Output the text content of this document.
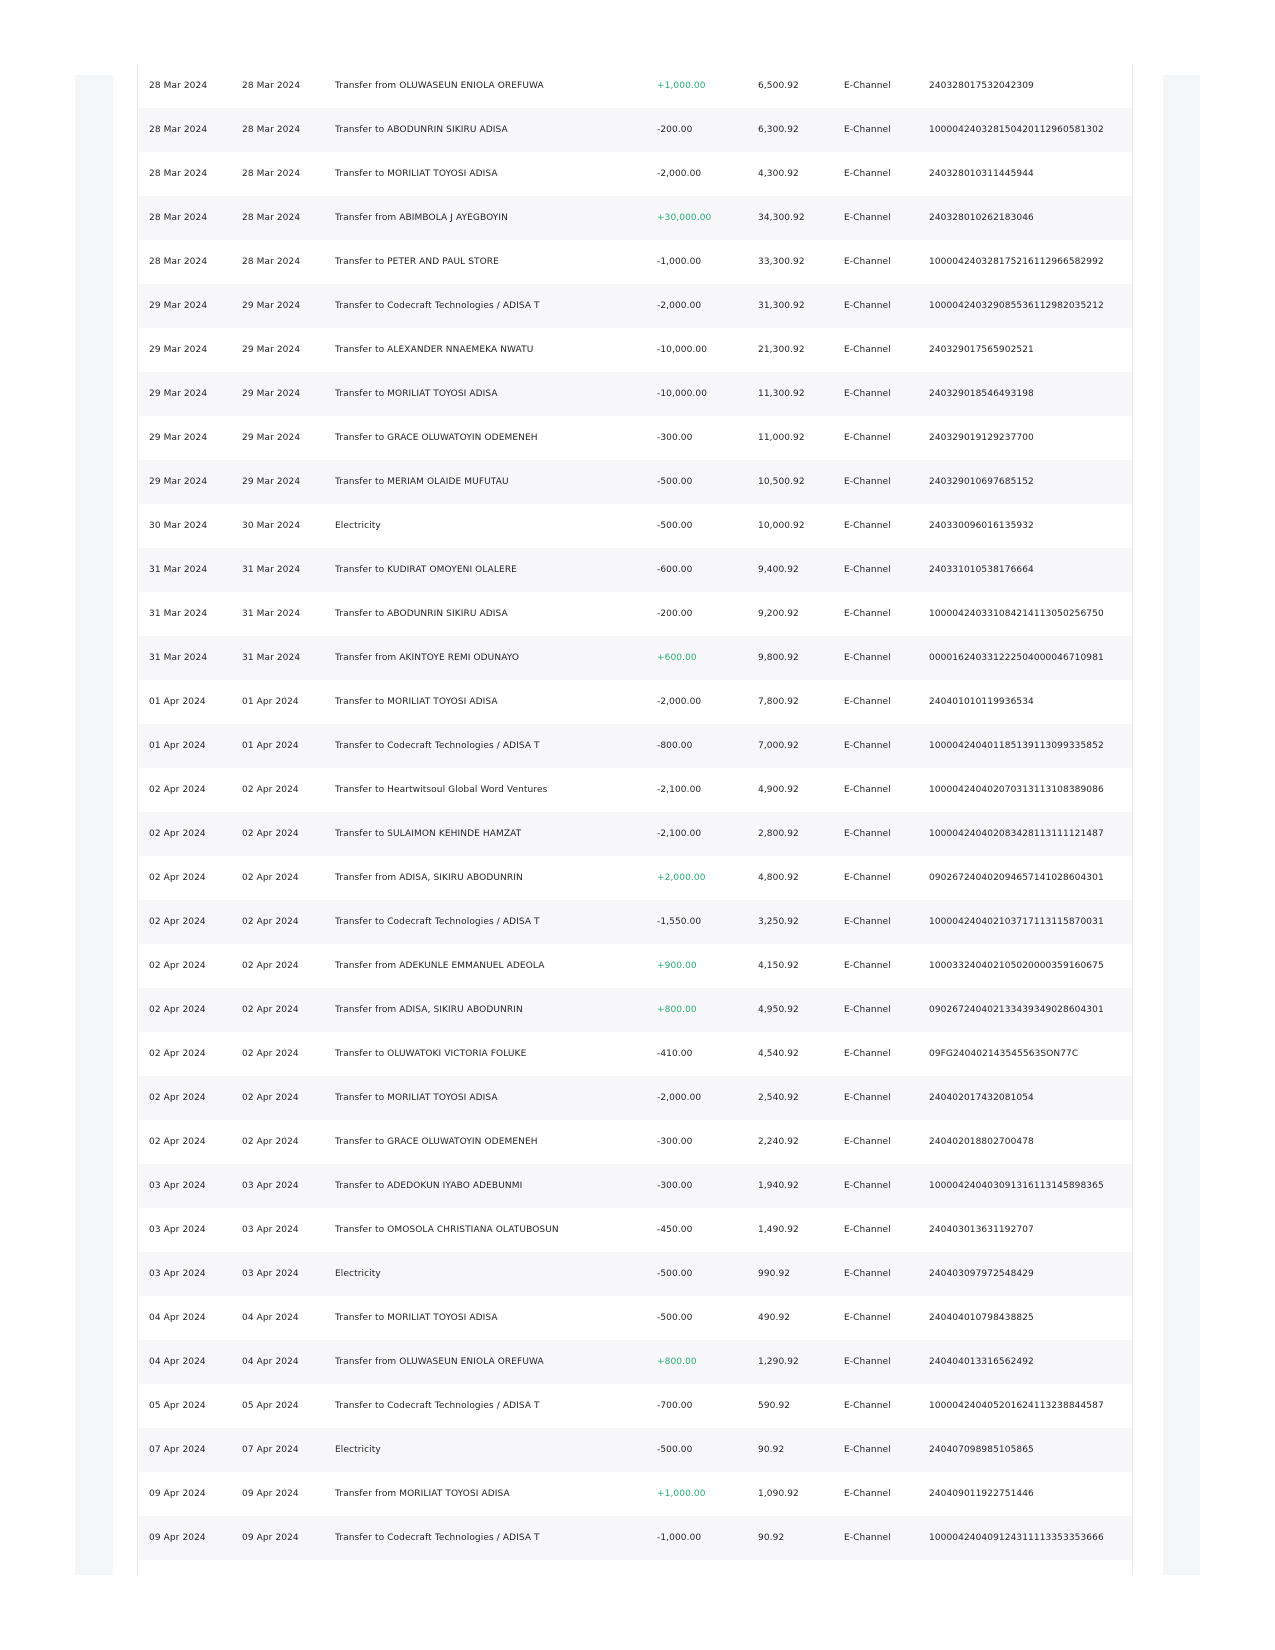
28 Mar 2024	28 Mar 2024	Transfer from OLUWASEUN ENIOLA OREFUWA	+1,000.00	6,500.92	E-Channel	240328017532042309
28 Mar 2024	28 Mar 2024	Transfer to ABODUNRIN SIKIRU ADISA	-200.00	6,300.92	E-Channel	100004240328150420112960581302
28 Mar 2024	28 Mar 2024	Transfer to MORILIAT TOYOSI ADISA	-2,000.00	4,300.92	E-Channel	240328010311445944
28 Mar 2024	28 Mar 2024	Transfer from ABIMBOLA J AYEGBOYIN	+30,000.00	34,300.92	E-Channel	240328010262183046
28 Mar 2024	28 Mar 2024	Transfer to PETER AND PAUL STORE	-1,000.00	33,300.92	E-Channel	100004240328175216112966582992
29 Mar 2024	29 Mar 2024	Transfer to Codecraft Technologies / ADISA T	-2,000.00	31,300.92	E-Channel	100004240329085536112982035212
29 Mar 2024	29 Mar 2024	Transfer to ALEXANDER NNAEMEKA NWATU	-10,000.00	21,300.92	E-Channel	240329017565902521
29 Mar 2024	29 Mar 2024	Transfer to MORILIAT TOYOSI ADISA	-10,000.00	11,300.92	E-Channel	240329018546493198
29 Mar 2024	29 Mar 2024	Transfer to GRACE OLUWATOYIN ODEMENEH	-300.00	11,000.92	E-Channel	240329019129237700
29 Mar 2024	29 Mar 2024	Transfer to MERIAM OLAIDE MUFUTAU	-500.00	10,500.92	E-Channel	240329010697685152
30 Mar 2024	30 Mar 2024	Electricity	-500.00	10,000.92	E-Channel	240330096016135932
31 Mar 2024	31 Mar 2024	Transfer to KUDIRAT OMOYENI OLALERE	-600.00	9,400.92	E-Channel	240331010538176664
31 Mar 2024	31 Mar 2024	Transfer to ABODUNRIN SIKIRU ADISA	-200.00	9,200.92	E-Channel	100004240331084214113050256750
31 Mar 2024	31 Mar 2024	Transfer from AKINTOYE REMI ODUNAYO	+600.00	9,800.92	E-Channel	000016240331222504000046710981
01 Apr 2024	01 Apr 2024	Transfer to MORILIAT TOYOSI ADISA	-2,000.00	7,800.92	E-Channel	240401010119936534
01 Apr 2024	01 Apr 2024	Transfer to Codecraft Technologies / ADISA T	-800.00	7,000.92	E-Channel	100004240401185139113099335852
02 Apr 2024	02 Apr 2024	Transfer to Heartwitsoul Global Word Ventures	-2,100.00	4,900.92	E-Channel	100004240402070313113108389086
02 Apr 2024	02 Apr 2024	Transfer to SULAIMON KEHINDE HAMZAT	-2,100.00	2,800.92	E-Channel	100004240402083428113111121487
02 Apr 2024	02 Apr 2024	Transfer from ADISA, SIKIRU ABODUNRIN	+2,000.00	4,800.92	E-Channel	090267240402094657141028604301
02 Apr 2024	02 Apr 2024	Transfer to Codecraft Technologies / ADISA T	-1,550.00	3,250.92	E-Channel	100004240402103717113115870031
02 Apr 2024	02 Apr 2024	Transfer from ADEKUNLE EMMANUEL ADEOLA	+900.00	4,150.92	E-Channel	100033240402105020000359160675
02 Apr 2024	02 Apr 2024	Transfer from ADISA, SIKIRU ABODUNRIN	+800.00	4,950.92	E-Channel	090267240402133439349028604301
02 Apr 2024	02 Apr 2024	Transfer to OLUWATOKI VICTORIA FOLUKE	-410.00	4,540.92	E-Channel	09FG240402143545563SON77C
02 Apr 2024	02 Apr 2024	Transfer to MORILIAT TOYOSI ADISA	-2,000.00	2,540.92	E-Channel	240402017432081054
02 Apr 2024	02 Apr 2024	Transfer to GRACE OLUWATOYIN ODEMENEH	-300.00	2,240.92	E-Channel	240402018802700478
03 Apr 2024	03 Apr 2024	Transfer to ADEDOKUN IYABO ADEBUNMI	-300.00	1,940.92	E-Channel	100004240403091316113145898365
03 Apr 2024	03 Apr 2024	Transfer to OMOSOLA CHRISTIANA OLATUBOSUN	-450.00	1,490.92	E-Channel	240403013631192707
03 Apr 2024	03 Apr 2024	Electricity	-500.00	990.92	E-Channel	240403097972548429
04 Apr 2024	04 Apr 2024	Transfer to MORILIAT TOYOSI ADISA	-500.00	490.92	E-Channel	240404010798438825
04 Apr 2024	04 Apr 2024	Transfer from OLUWASEUN ENIOLA OREFUWA	+800.00	1,290.92	E-Channel	240404013316562492
05 Apr 2024	05 Apr 2024	Transfer to Codecraft Technologies / ADISA T	-700.00	590.92	E-Channel	100004240405201624113238844587
07 Apr 2024	07 Apr 2024	Electricity	-500.00	90.92	E-Channel	240407098985105865
09 Apr 2024	09 Apr 2024	Transfer from MORILIAT TOYOSI ADISA	+1,000.00	1,090.92	E-Channel	240409011922751446
09 Apr 2024	09 Apr 2024	Transfer to Codecraft Technologies / ADISA T	-1,000.00	90.92	E-Channel	100004240409124311113353353666
